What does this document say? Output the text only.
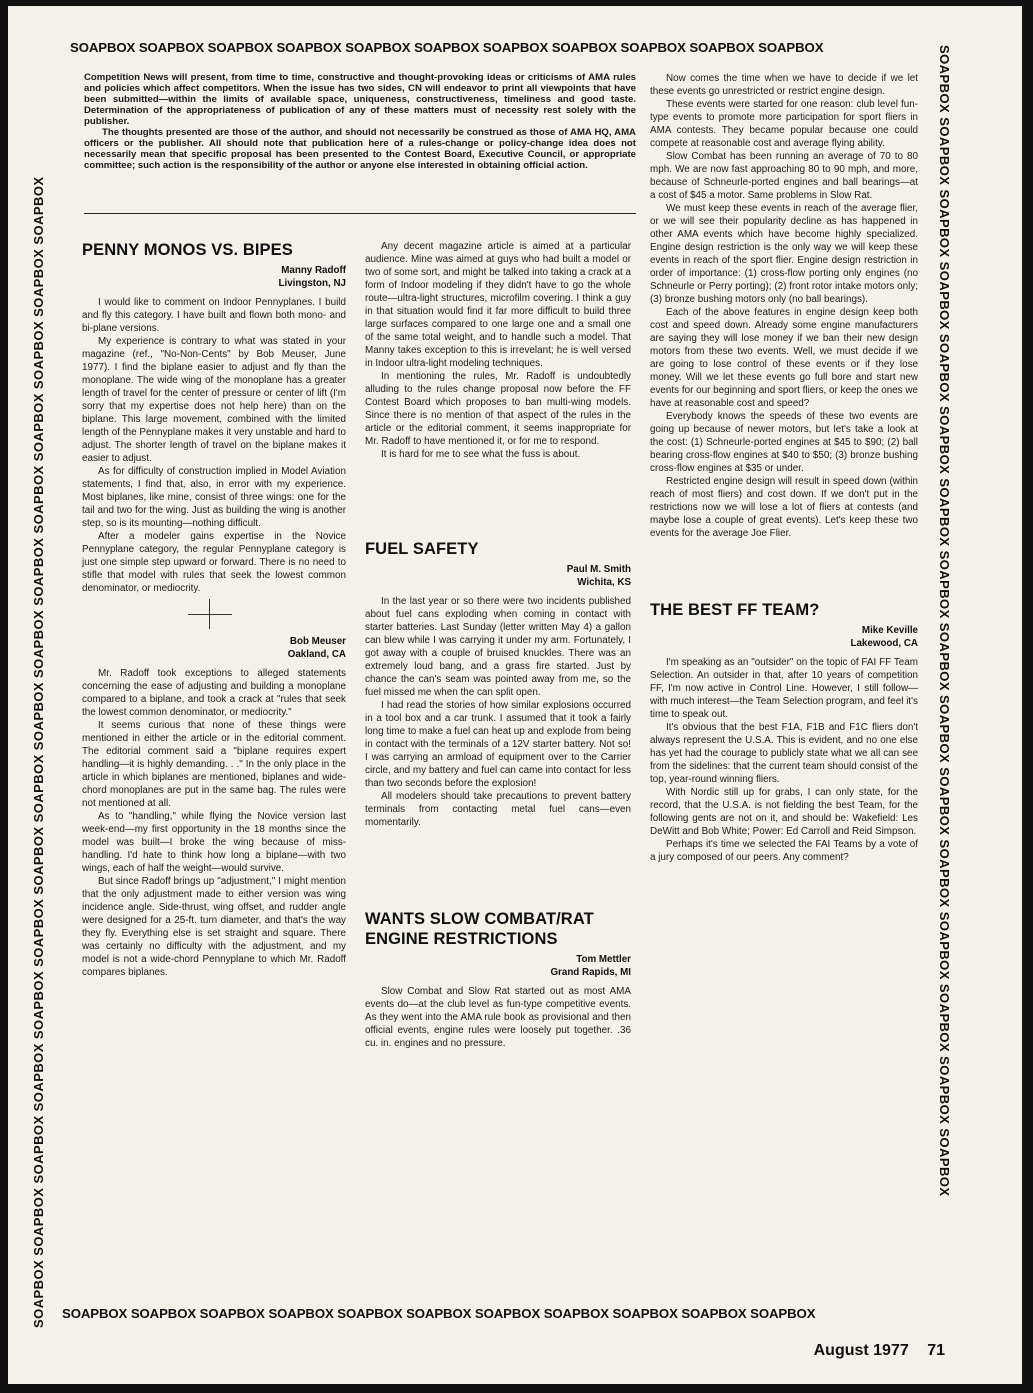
SOAPBOX SOAPBOX SOAPBOX SOAPBOX SOAPBOX SOAPBOX SOAPBOX SOAPBOX SOAPBOX SOAPBOX SOAPBOX
SOAPBOX SOAPBOX SOAPBOX SOAPBOX SOAPBOX SOAPBOX SOAPBOX SOAPBOX SOAPBOX SOAPBOX SOAPBOX
SOAPBOX SOAPBOX SOAPBOX SOAPBOX SOAPBOX SOAPBOX SOAPBOX SOAPBOX SOAPBOX SOAPBOX SOAPBOX SOAPBOX SOAPBOX SOAPBOX SOAPBOX SOAPBOX	SOAPBOX SOAPBOX SOAPBOX SOAPBOX SOAPBOX SOAPBOX SOAPBOX SOAPBOX SOAPBOX SOAPBOX SOAPBOX SOAPBOX SOAPBOX SOAPBOX SOAPBOX SOAPBOX

Competition News will present, from time to time, constructive and thought-provoking ideas or criticisms of AMA rules and policies which affect competitors. When the issue has two sides, CN will endeavor to print all viewpoints that have been submitted—within the limits of available space, uniqueness, constructiveness, timeliness and good taste. Determination of the appropriateness of publication of any of these matters must of necessity rest solely with the publisher.

The thoughts presented are those of the author, and should not necessarily be construed as those of AMA HQ, AMA officers or the publisher. All should note that publication here of a rules-change or policy-change idea does not necessarily mean that specific proposal has been presented to the Contest Board, Executive Council, or appropriate committee; such action is the responsibility of the author or anyone else interested in obtaining official action.

PENNY MONOS VS. BIPES
Manny Radoff
Livingston, NJ

I would like to comment on Indoor Pennyplanes. I build and fly this category. I have built and flown both mono- and bi-plane versions.

My experience is contrary to what was stated in your magazine (ref., "No-Non-Cents" by Bob Meuser, June 1977). I find the biplane easier to adjust and fly than the monoplane. The wide wing of the monoplane has a greater length of travel for the center of pressure or center of lift (I'm sorry that my expertise does not help here) than on the biplane. This large movement, combined with the limited length of the Pennyplane makes it very unstable and hard to adjust. The shorter length of travel on the biplane makes it easier to adjust.

As for difficulty of construction implied in Model Aviation statements, I find that, also, in error with my experience. Most biplanes, like mine, consist of three wings: one for the tail and two for the wing. Just as building the wing is another step, so is its mounting—nothing difficult.

After a modeler gains expertise in the Novice Pennyplane category, the regular Pennyplane category is just one simple step upward or forward. There is no need to stifle that model with rules that seek the lowest common denominator, or mediocrity.

Bob Meuser
Oakland, CA

Mr. Radoff took exceptions to alleged statements concerning the ease of adjusting and building a monoplane compared to a biplane, and took a crack at "rules that seek the lowest common denominator, or mediocrity."

It seems curious that none of these things were mentioned in either the article or in the editorial comment. The editorial comment said a "biplane requires expert handling—it is highly demanding. . ." In the only place in the article in which biplanes are mentioned, biplanes and wide-chord monoplanes are put in the same bag. The rules were not mentioned at all.

As to "handling," while flying the Novice version last week-end—my first opportunity in the 18 months since the model was built—I broke the wing because of miss-handling. I'd hate to think how long a biplane—with two wings, each of half the weight—would survive.

But since Radoff brings up "adjustment," I might mention that the only adjustment made to either version was wing incidence angle. Side-thrust, wing offset, and rudder angle were designed for a 25-ft. turn diameter, and that's the way they fly. Everything else is set straight and square. There was certainly no difficulty with the adjustment, and my model is not a wide-chord Pennyplane to which Mr. Radoff compares biplanes.

Any decent magazine article is aimed at a particular audience. Mine was aimed at guys who had built a model or two of some sort, and might be talked into taking a crack at a form of Indoor modeling if they didn't have to go the whole route—ultra-light structures, microfilm covering. I think a guy in that situation would find it far more difficult to build three large surfaces compared to one large one and a small one of the same total weight, and to handle such a model. That Manny takes exception to this is irrevelant; he is well versed in Indoor ultra-light modeling techniques.

In mentioning the rules, Mr. Radoff is undoubtedly alluding to the rules change proposal now before the FF Contest Board which proposes to ban multi-wing models. Since there is no mention of that aspect of the rules in the article or the editorial comment, it seems inappropriate for Mr. Radoff to have mentioned it, or for me to respond.

It is hard for me to see what the fuss is about.

FUEL SAFETY
Paul M. Smith
Wichita, KS

In the last year or so there were two incidents published about fuel cans exploding when coming in contact with starter batteries. Last Sunday (letter written May 4) a gallon can blew while I was carrying it under my arm. Fortunately, I got away with a couple of bruised knuckles. There was an extremely loud bang, and a grass fire started. Just by chance the can's seam was pointed away from me, so the fuel missed me when the can split open.

I had read the stories of how similar explosions occurred in a tool box and a car trunk. I assumed that it took a fairly long time to make a fuel can heat up and explode from being in contact with the terminals of a 12V starter battery. Not so! I was carrying an armload of equipment over to the Carrier circle, and my battery and fuel can came into contact for less than two seconds before the explosion!

All modelers should take precautions to prevent battery terminals from contacting metal fuel cans—even momentarily.

WANTS SLOW COMBAT/RAT ENGINE RESTRICTIONS
Tom Mettler
Grand Rapids, MI

Slow Combat and Slow Rat started out as most AMA events do—at the club level as fun-type competitive events. As they went into the AMA rule book as provisional and then official events, engine rules were loosely put together. .36 cu. in. engines and no pressure.

Now comes the time when we have to decide if we let these events go unrestricted or restrict engine design.

These events were started for one reason: club level fun-type events to promote more participation for sport fliers in AMA contests. They became popular because one could compete at reasonable cost and average flying ability.

Slow Combat has been running an average of 70 to 80 mph. We are now fast approaching 80 to 90 mph, and more, because of Schneurle-ported engines and ball bearings—at a cost of $45 a motor. Same problems in Slow Rat.

We must keep these events in reach of the average flier, or we will see their popularity decline as has happened in other AMA events which have become highly specialized. Engine design restriction is the only way we will keep these events in reach of the sport flier. Engine design restriction in order of importance: (1) cross-flow porting only engines (no Schneurle or Perry porting); (2) front rotor intake motors only; (3) bronze bushing motors only (no ball bearings).

Each of the above features in engine design keep both cost and speed down. Already some engine manufacturers are saying they will lose money if we ban their new design motors from these two events. Well, we must decide if we are going to lose control of these events or if they lose money. Will we let these events go full bore and start new events for our beginning and sport fliers, or keep the ones we have at reasonable cost and speed?

Everybody knows the speeds of these two events are going up because of newer motors, but let's take a look at the cost: (1) Schneurle-ported engines at $45 to $90; (2) ball bearing cross-flow engines at $40 to $50; (3) bronze bushing cross-flow engines at $35 or under.

Restricted engine design will result in speed down (within reach of most fliers) and cost down. If we don't put in the restrictions now we will lose a lot of fliers at contests (and maybe lose a couple of great events). Let's keep these two events for the average Joe Flier.

THE BEST FF TEAM?
Mike Keville
Lakewood, CA

I'm speaking as an "outsider" on the topic of FAI FF Team Selection. An outsider in that, after 10 years of competition FF, I'm now active in Control Line. However, I still follow—with much interest—the Team Selection program, and feel it's time to speak out.

It's obvious that the best F1A, F1B and F1C fliers don't always represent the U.S.A. This is evident, and no one else has yet had the courage to publicly state what we all can see from the sidelines: that the current team should consist of the top, year-round winning fliers.

With Nordic still up for grabs, I can only state, for the record, that the U.S.A. is not fielding the best Team, for the following gents are not on it, and should be: Wakefield: Les DeWitt and Bob White; Power: Ed Carroll and Reid Simpson.

Perhaps it's time we selected the FAI Teams by a vote of a jury composed of our peers. Any comment?

August 1977 71
